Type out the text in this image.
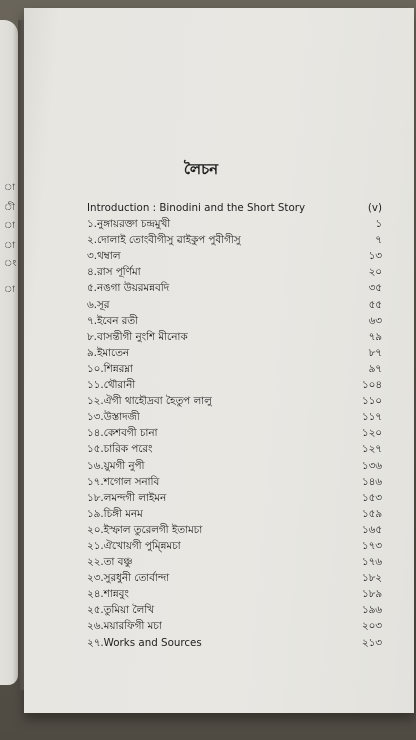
া
ী
া
া
ং
া
লৈচন
Introduction : Binodini and the Short Story	(v)
১. নুঙ্গায়রক্তা চন্দ্রমুখী	১
২. দোলাই তোংবীগীসু ৱাইকুপ পুবীগীসু	৭
৩. থম্বাল	১৩
৪. রাস পূর্ণিমা	২০
৫. নঙগা উয়রমন্নবদি	৩৫
৬. সূর	৫৫
৭. ইবেন রতী	৬৩
৮. বাসন্তীগী নুংশি মীনোক	৭৯
৯. ইমাতেন	৮৭
১০. শিন্নরম্না	৯৭
১১. থৌরানী	১০৪
১২. ঐগী থাহৌদ্রবা হৈতুপ লালু	১১০
১৩. উস্তাদজী	১১৭
১৪. কেশবগী চানা	১২০
১৫. চারিক পরেং	১২৭
১৬. য়ুমগী নুপী	১৩৬
১৭. শগোল সনাবি	১৪৬
১৮. লমন্দগী লাইমন	১৫৩
১৯. চিঙ্গী মনম	১৫৯
২০. ইস্ফাল তুরেলগী ইতামচা	১৬৫
২১. ঐখোয়গী পুম্ন্নিমচা	১৭৩
২২. তা বঞ্চু	১৭৬
২৩. সুরধুনী তোর্বান্দা	১৮২
২৪. শান্নবুং	১৮৯
২৫. তুমিয়া লৈখি	১৯৬
২৬. ময়ারফিগী মচা	২০৩
২৭. Works and Sources	২১৩
